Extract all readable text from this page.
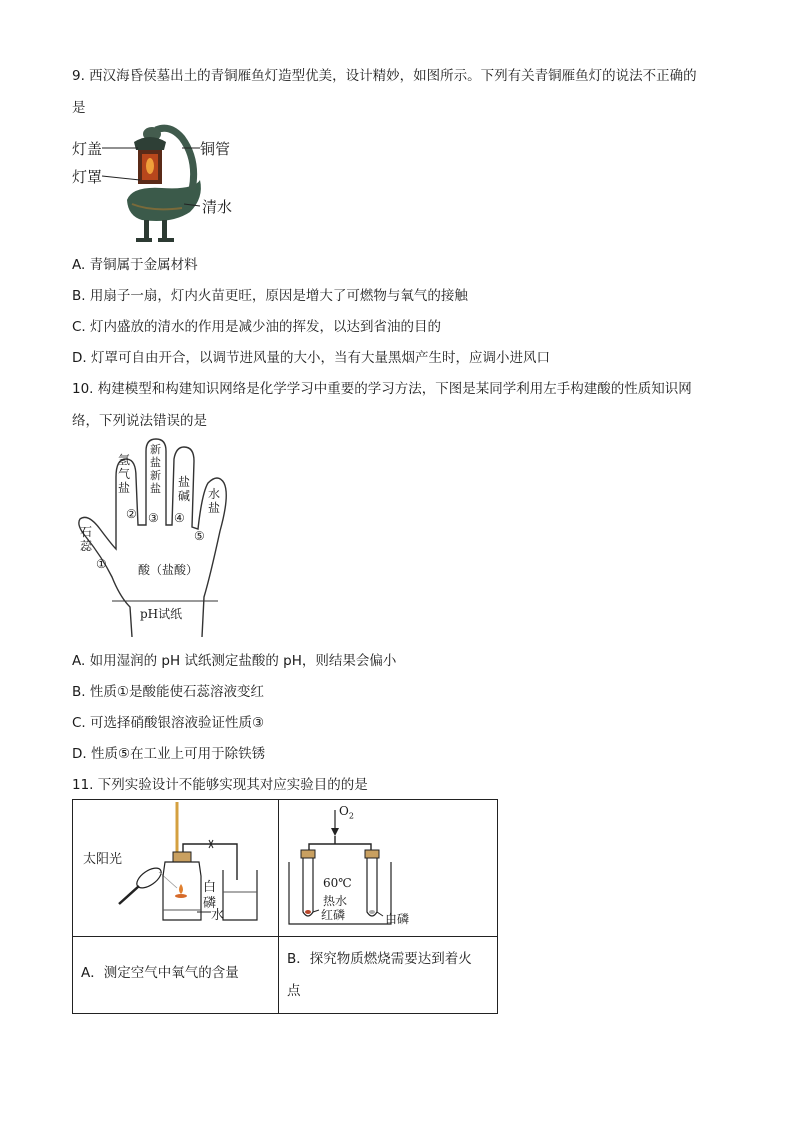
9. 西汉海昏侯墓出土的青铜雁鱼灯造型优美，设计精妙，如图所示。下列有关青铜雁鱼灯的说法不正确的
是
灯盖
灯罩
铜管
清水
A. 青铜属于金属材料
B. 用扇子一扇，灯内火苗更旺，原因是增大了可燃物与氧气的接触
C. 灯内盛放的清水的作用是减少油的挥发，以达到省油的目的
D. 灯罩可自由开合，以调节进风量的大小，当有大量黑烟产生时，应调小进风口
10. 构建模型和构建知识网络是化学学习中重要的学习方法，下图是某同学利用左手构建酸的性质知识网
络，下列说法错误的是
氢气盐
②
新盐新盐
③
盐碱
④
水盐
⑤
石蕊
①	酸（盐酸）
pH试纸
A. 如用湿润的 pH 试纸测定盐酸的 pH，则结果会偏小
B. 性质①是酸能使石蕊溶液变红
C. 可选择硝酸银溶液验证性质③
D. 性质⑤在工业上可用于除铁锈
11. 下列实验设计不能够实现其对应实验目的的是
太阳光
白
磷
水	$O_2$
60℃
热水
红磷 白磷

A．测定空气中氧气的含量	B．探究物质燃烧需要达到着火
点
